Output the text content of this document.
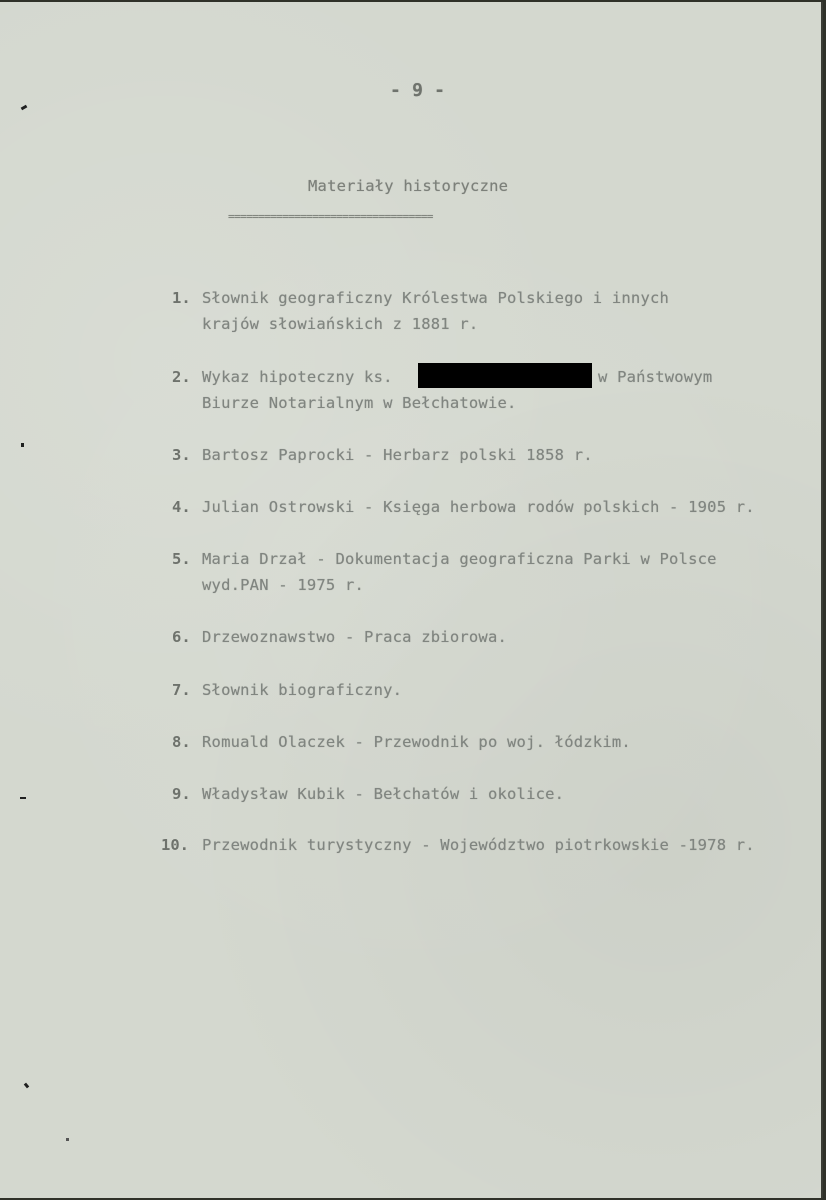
- 9 -
Materiały historyczne
==================================
1. Słownik geograficzny Królestwa Polskiego i innych
krajów słowiańskich z 1881 r.
2. Wykaz hipoteczny ks.	w Państwowym
Biurze Notarialnym w Bełchatowie.
3. Bartosz Paprocki - Herbarz polski 1858 r.
4. Julian Ostrowski - Księga herbowa rodów polskich - 1905 r.
5. Maria Drzał - Dokumentacja geograficzna Parki w Polsce
wyd.PAN - 1975 r.
6. Drzewoznawstwo - Praca zbiorowa.
7. Słownik biograficzny.
8. Romuald Olaczek - Przewodnik po woj. łódzkim.
9. Władysław Kubik - Bełchatów i okolice.
10. Przewodnik turystyczny - Województwo piotrkowskie -1978 r.
